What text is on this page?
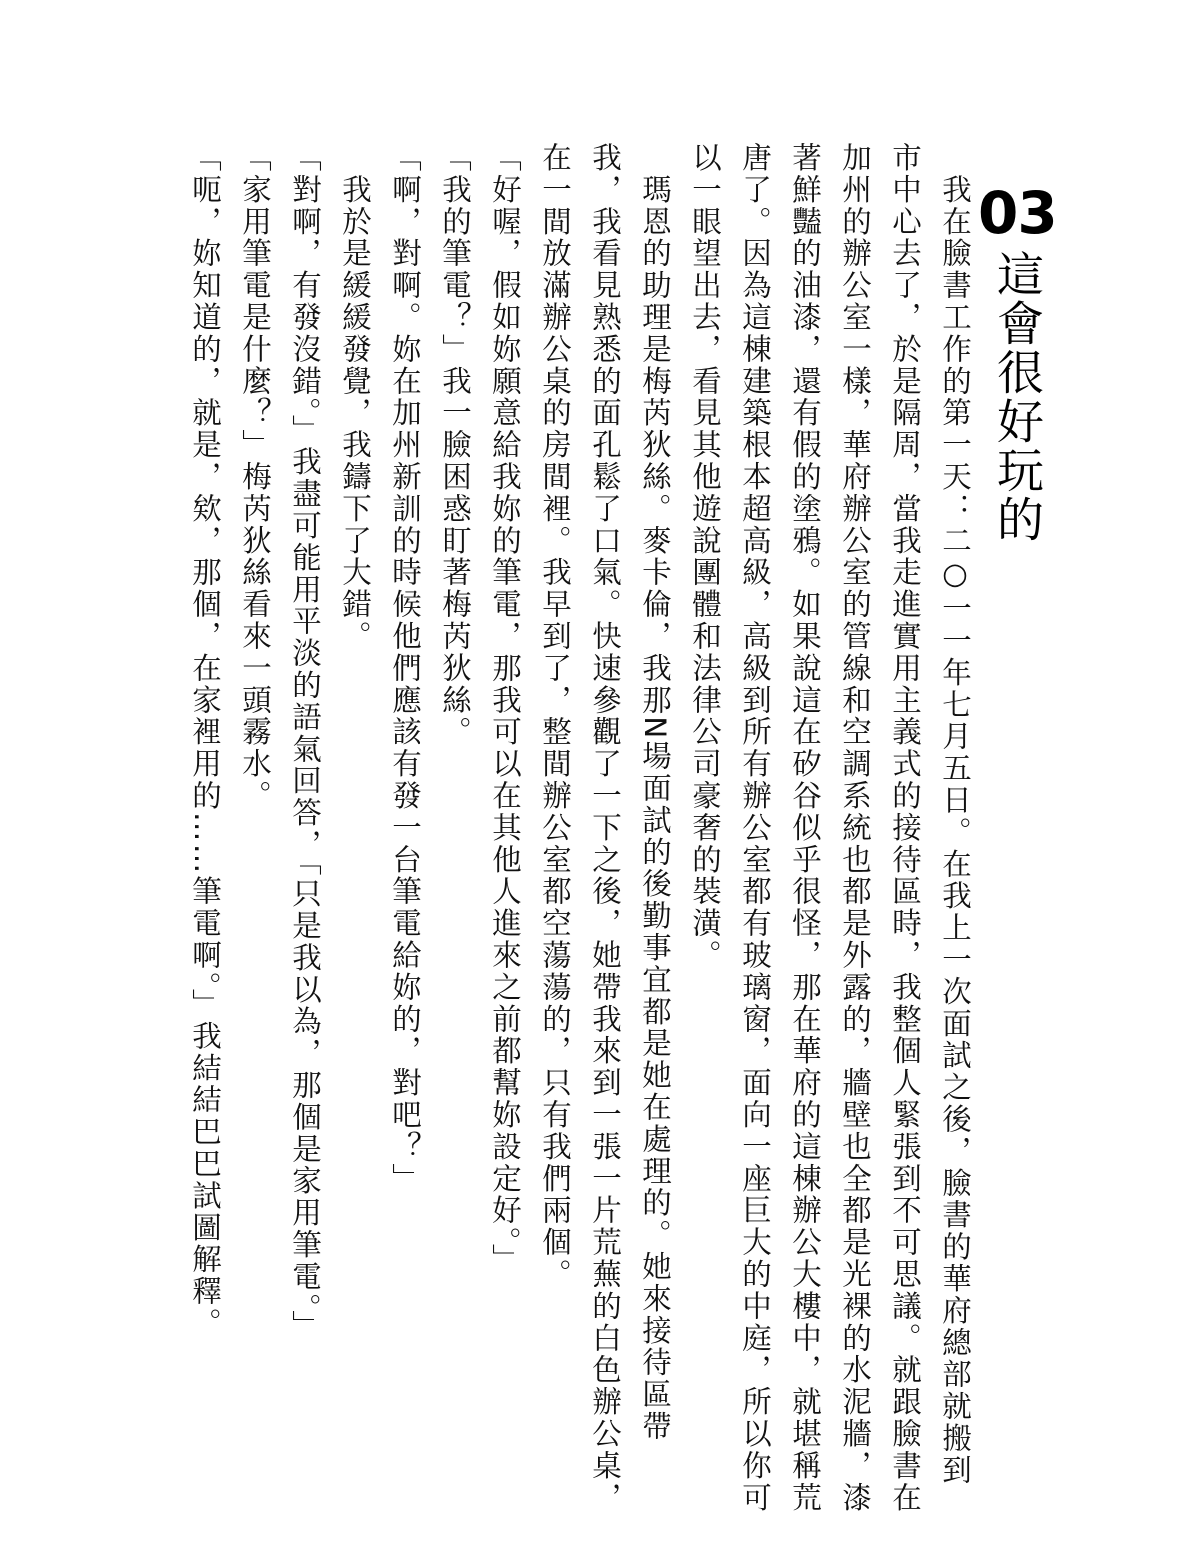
03
這會很好玩的
　我在臉書工作的第一天：二○一一年七月五日。在我上一次面試之後，臉書的華府總部就搬到
市中心去了，於是隔周，當我走進實用主義式的接待區時，我整個人緊張到不可思議。就跟臉書在
加州的辦公室一樣，華府辦公室的管線和空調系統也都是外露的，牆壁也全都是光裸的水泥牆，漆
著鮮豔的油漆，還有假的塗鴉。如果說這在矽谷似乎很怪，那在華府的這棟辦公大樓中，就堪稱荒
唐了。因為這棟建築根本超高級，高級到所有辦公室都有玻璃窗，面向一座巨大的中庭，所以你可
以一眼望出去，看見其他遊說團體和法律公司豪奢的裝潢。
　瑪恩的助理是梅芮狄絲。麥卡倫，我那N場面試的後勤事宜都是她在處理的。她來接待區帶
我，我看見熟悉的面孔鬆了口氣。快速參觀了一下之後，她帶我來到一張一片荒蕪的白色辦公桌，
在一間放滿辦公桌的房間裡。我早到了，整間辦公室都空蕩蕩的，只有我們兩個。
「好喔，假如妳願意給我妳的筆電，那我可以在其他人進來之前都幫妳設定好。」
「我的筆電？」我一臉困惑盯著梅芮狄絲。
「啊，對啊。妳在加州新訓的時候他們應該有發一台筆電給妳的，對吧？」
　我於是緩緩發覺，我鑄下了大錯。
「對啊，有發沒錯。」我盡可能用平淡的語氣回答，「只是我以為，那個是家用筆電。」
「家用筆電是什麼？」梅芮狄絲看來一頭霧水。
「呃，妳知道的，就是，欸，那個，在家裡用的……筆電啊。」我結結巴巴試圖解釋。
